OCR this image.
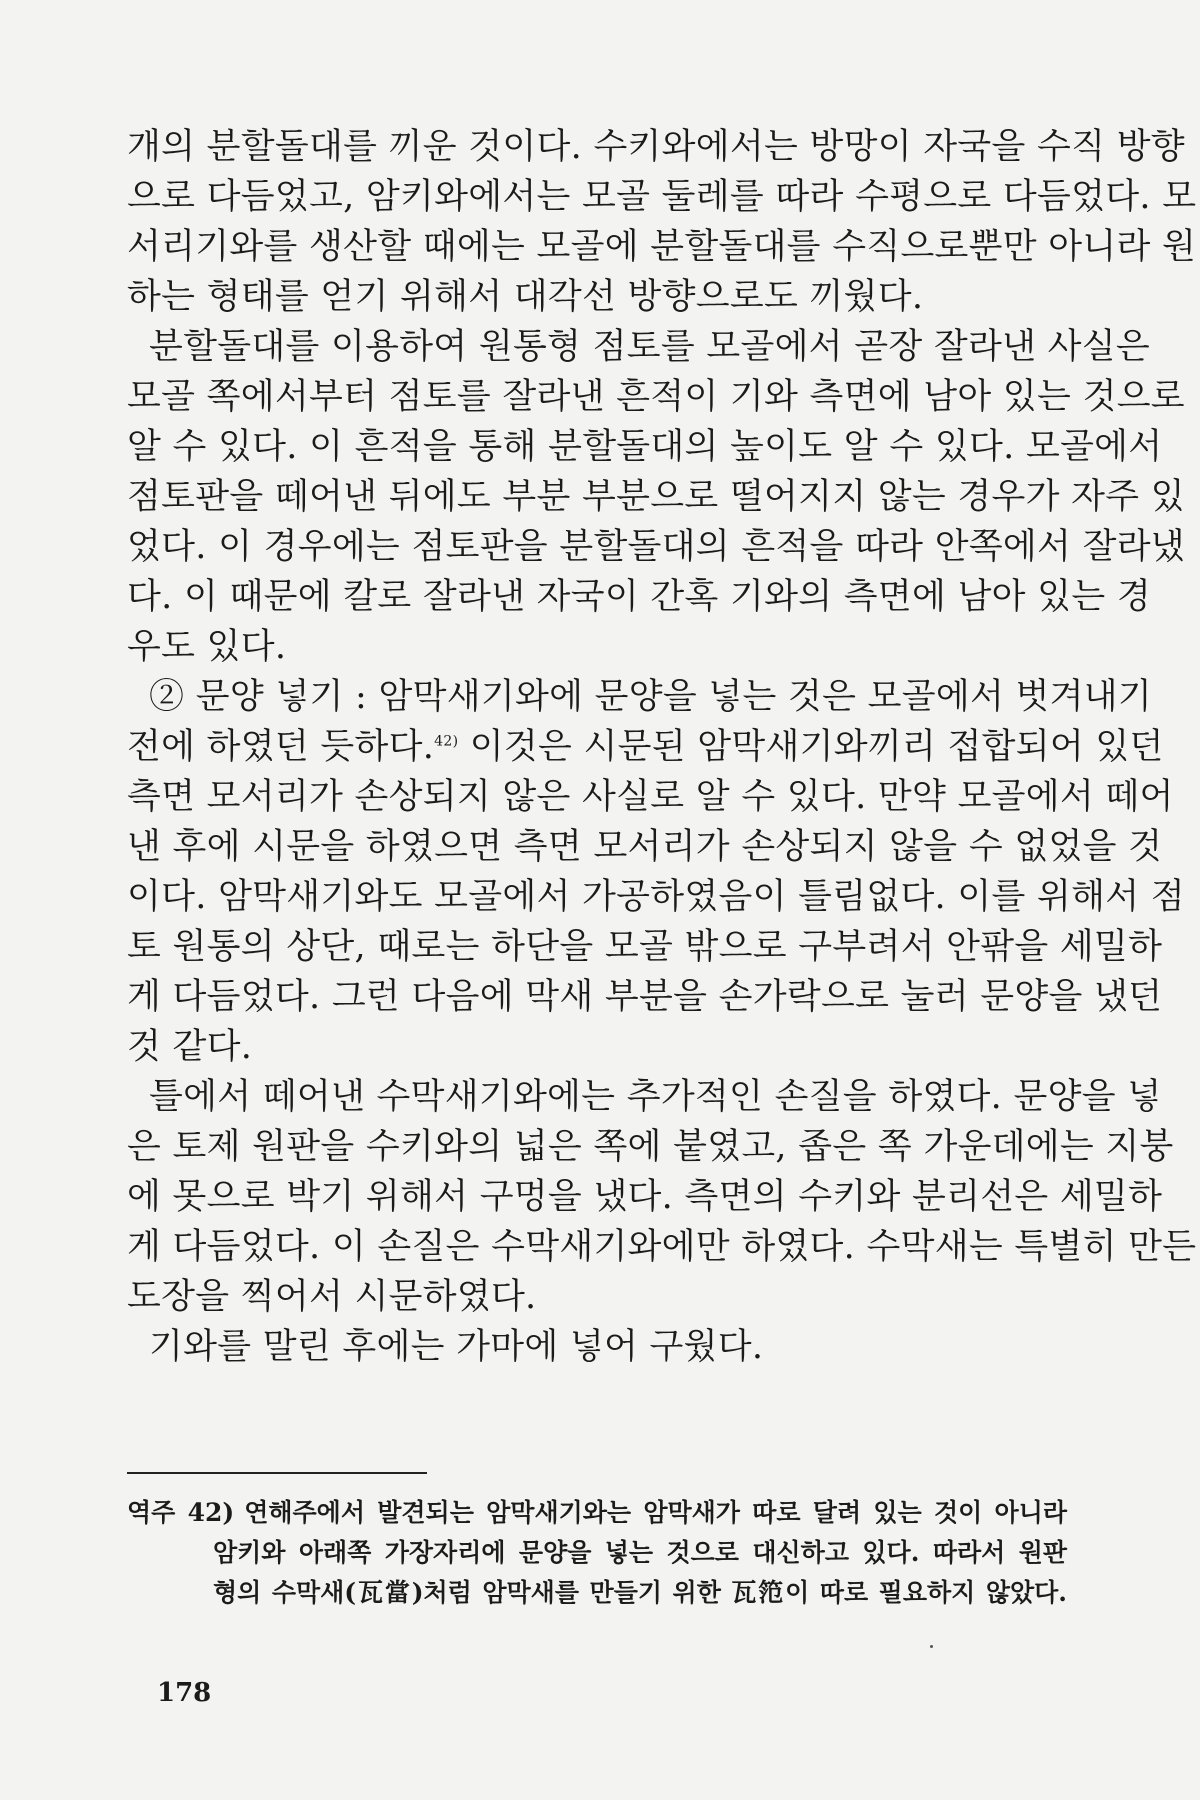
개의 분할돌대를 끼운 것이다. 수키와에서는 방망이 자국을 수직 방향
으로 다듬었고, 암키와에서는 모골 둘레를 따라 수평으로 다듬었다. 모
서리기와를 생산할 때에는 모골에 분할돌대를 수직으로뿐만 아니라 원
하는 형태를 얻기 위해서 대각선 방향으로도 끼웠다.
분할돌대를 이용하여 원통형 점토를 모골에서 곧장 잘라낸 사실은
모골 쪽에서부터 점토를 잘라낸 흔적이 기와 측면에 남아 있는 것으로
알 수 있다. 이 흔적을 통해 분할돌대의 높이도 알 수 있다. 모골에서
점토판을 떼어낸 뒤에도 부분 부분으로 떨어지지 않는 경우가 자주 있
었다. 이 경우에는 점토판을 분할돌대의 흔적을 따라 안쪽에서 잘라냈
다. 이 때문에 칼로 잘라낸 자국이 간혹 기와의 측면에 남아 있는 경
우도 있다.
② 문양 넣기 : 암막새기와에 문양을 넣는 것은 모골에서 벗겨내기
전에 하였던 듯하다.$^{42)}$ 이것은 시문된 암막새기와끼리 접합되어 있던
측면 모서리가 손상되지 않은 사실로 알 수 있다. 만약 모골에서 떼어
낸 후에 시문을 하였으면 측면 모서리가 손상되지 않을 수 없었을 것
이다. 암막새기와도 모골에서 가공하였음이 틀림없다. 이를 위해서 점
토 원통의 상단, 때로는 하단을 모골 밖으로 구부려서 안팎을 세밀하
게 다듬었다. 그런 다음에 막새 부분을 손가락으로 눌러 문양을 냈던
것 같다.
틀에서 떼어낸 수막새기와에는 추가적인 손질을 하였다. 문양을 넣
은 토제 원판을 수키와의 넓은 쪽에 붙였고, 좁은 쪽 가운데에는 지붕
에 못으로 박기 위해서 구멍을 냈다. 측면의 수키와 분리선은 세밀하
게 다듬었다. 이 손질은 수막새기와에만 하였다. 수막새는 특별히 만든
도장을 찍어서 시문하였다.
기와를 말린 후에는 가마에 넣어 구웠다.
역주 42) 연해주에서 발견되는 암막새기와는 암막새가 따로 달려 있는 것이 아니라
암키와 아래쪽 가장자리에 문양을 넣는 것으로 대신하고 있다. 따라서 원판
형의 수막새(瓦當)처럼 암막새를 만들기 위한 瓦笵이 따로 필요하지 않았다.
178
